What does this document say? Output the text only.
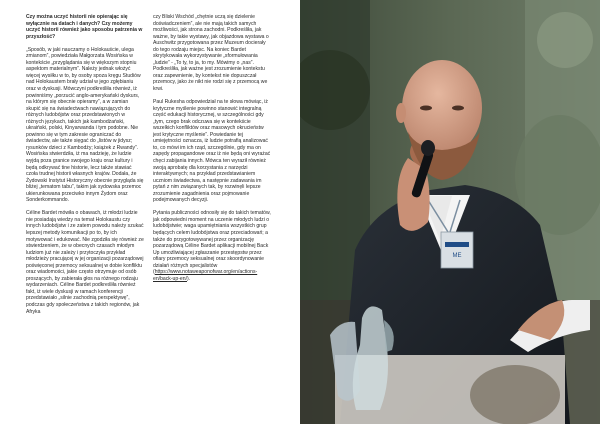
Czy można uczyć historii nie opierając się wyłącznie na datach i danych? Czy możemy uczyć historii również jako sposobu patrzenia w przyszłość?

„Sposób, w jaki nauczamy o Holokauście, ulega zmianom”, powiedziała Małgorzata Wosińska w kontekście „przyglądania się w większym stopniu aspektom materialnym”. Należy jednak włożyć więcej wysiłku w to, by osoby spoza kręgu Studiów nad Holokaustem brały udział w jego zgłębianiu oraz w dyskusji. Mówczyni podkreśliła również, iż powinniśmy „porzucić anglo-amerykański dyskurs, na którym się obecnie opieramy”, a w zamian skupić się na świadectwach nawiązujących do różnych ludobójstw oraz przedstawionych w różnych językach, takich jak kambodżański, ukraiński, polski, Kinyarwanda i tym podobne. Nie powinno się w tym zakresie ograniczać do świadectw, ale także sięgać do „listów w jidysz; rysunków dzieci z Kambodży; książek z Rwandy”. Wosińska stwierdziła, iż ma nadzieję, że ludzie wyjdą poza granice swojego kraju oraz kultury i będą odkrywać tine historie, lecz także stawiać czoła trudnej historii własnych krajów. Dodała, że Żydowski Instytut Historyczny obecnie przygląda się bliżej „tematom tabu”, takim jak sydowska przemoc ukierunkowana przeciwko innym Żydom oraz Sonderkommando.

Céline Bardet mówiła o obawach, iż młodzi ludzie nie posiadają wiedzy na temat Holokaustu czy innych ludobójstw i ze zatem powodu należy szukać lepszej metody komunikacji po to, by ich motywować i edukować. Nie zgodziła się również ze stwierdzeniem, że w obecnych czasach młodym ludziom już nie zależy i przytoczyła przykład młodzieży pracującej w jej organizacji pozarządowej poświęconej przemocy seksualnej w dobie konfliktu oraz wiadomości, jakie często otrzymuje od osób proszących, by zabierała głos na różnego rodzaju wydarzeniach. Céline Bardet podkreśliła również fakt, iż wiele dyskusji w ramach konferencji przedstawiało „silnie zachodnią perspektywę”, podczas gdy społeczeństwa z takich regionów, jak Afryka

czy Bliski Wschód „chętnie uczą się dzielenie doświadczeniem”, ale nie mają takich samych możliwości, jak strona zachodni. Podkreśliła, jak ważne, by takie wystawy, jak objazdowa wystawa o Auschwitz przygotowana przez Muzeum docierały do tego rodzaju miejsc. Na koniec Bardet skrytykowała wykorzystywanie „sformułowania „ludzie” - „To ty, to ja, to my. Mówimy o „nas”. Podkreśliła, jak ważne jest zrozumienie kontekstu oraz zapewnienie, by kontekst nie dopuszczał przemocy, jako że nikt nie rodzi się z przemocą we krwi.

Paul Rukesha odpowiedział na te słowa mówiąc, iż krytyczne myślenie powinno stanowić integralną część edukacji historycznej, w szczególności gdy „tym, czego brak odczuwa się w kontekście wszelkich konfliktów oraz masowych okrucieństw jest krytyczne myślenie”. Powiedanie tej umiejętności oznacza, iż ludzie potrafią analizować to, co mówi im ich rząd, szczególnie, gdy ma on zapędy propagandowe oraz iż nie będą oni wyrażać chęci zabijania innych. Mówca ten wyraził również swoją aprobatę dla korzystania z narzędzi interaktywnych; na przykład przedstawianiem uczniom świadectwa, a następnie zadawania im pytań z nim związanych tak, by rozwinęli lepsze zrozumienie zagadnienia oraz pojmowanie podejmowanych decyzji.

Pytania publiczności odnosiły się do takich tematów, jak odpowiedni moment na uczenie młodych ludzi o ludobójstwie; waga upamiętniania wszystkich grup będących celem ludobójstwa oraz przeciadowań; a także do przygotowywanej przez organizację pozarządową Céline Bardet aplikacji mobilnej Back Up umożliwiającej zgłaszanie przestępstw przez ofiary przemocy seksualnej oraz skoordynowanie działań różnych specjalistów (https://www.notaweaponofwar.org/en/actions-en/back-up-en/).

ME
